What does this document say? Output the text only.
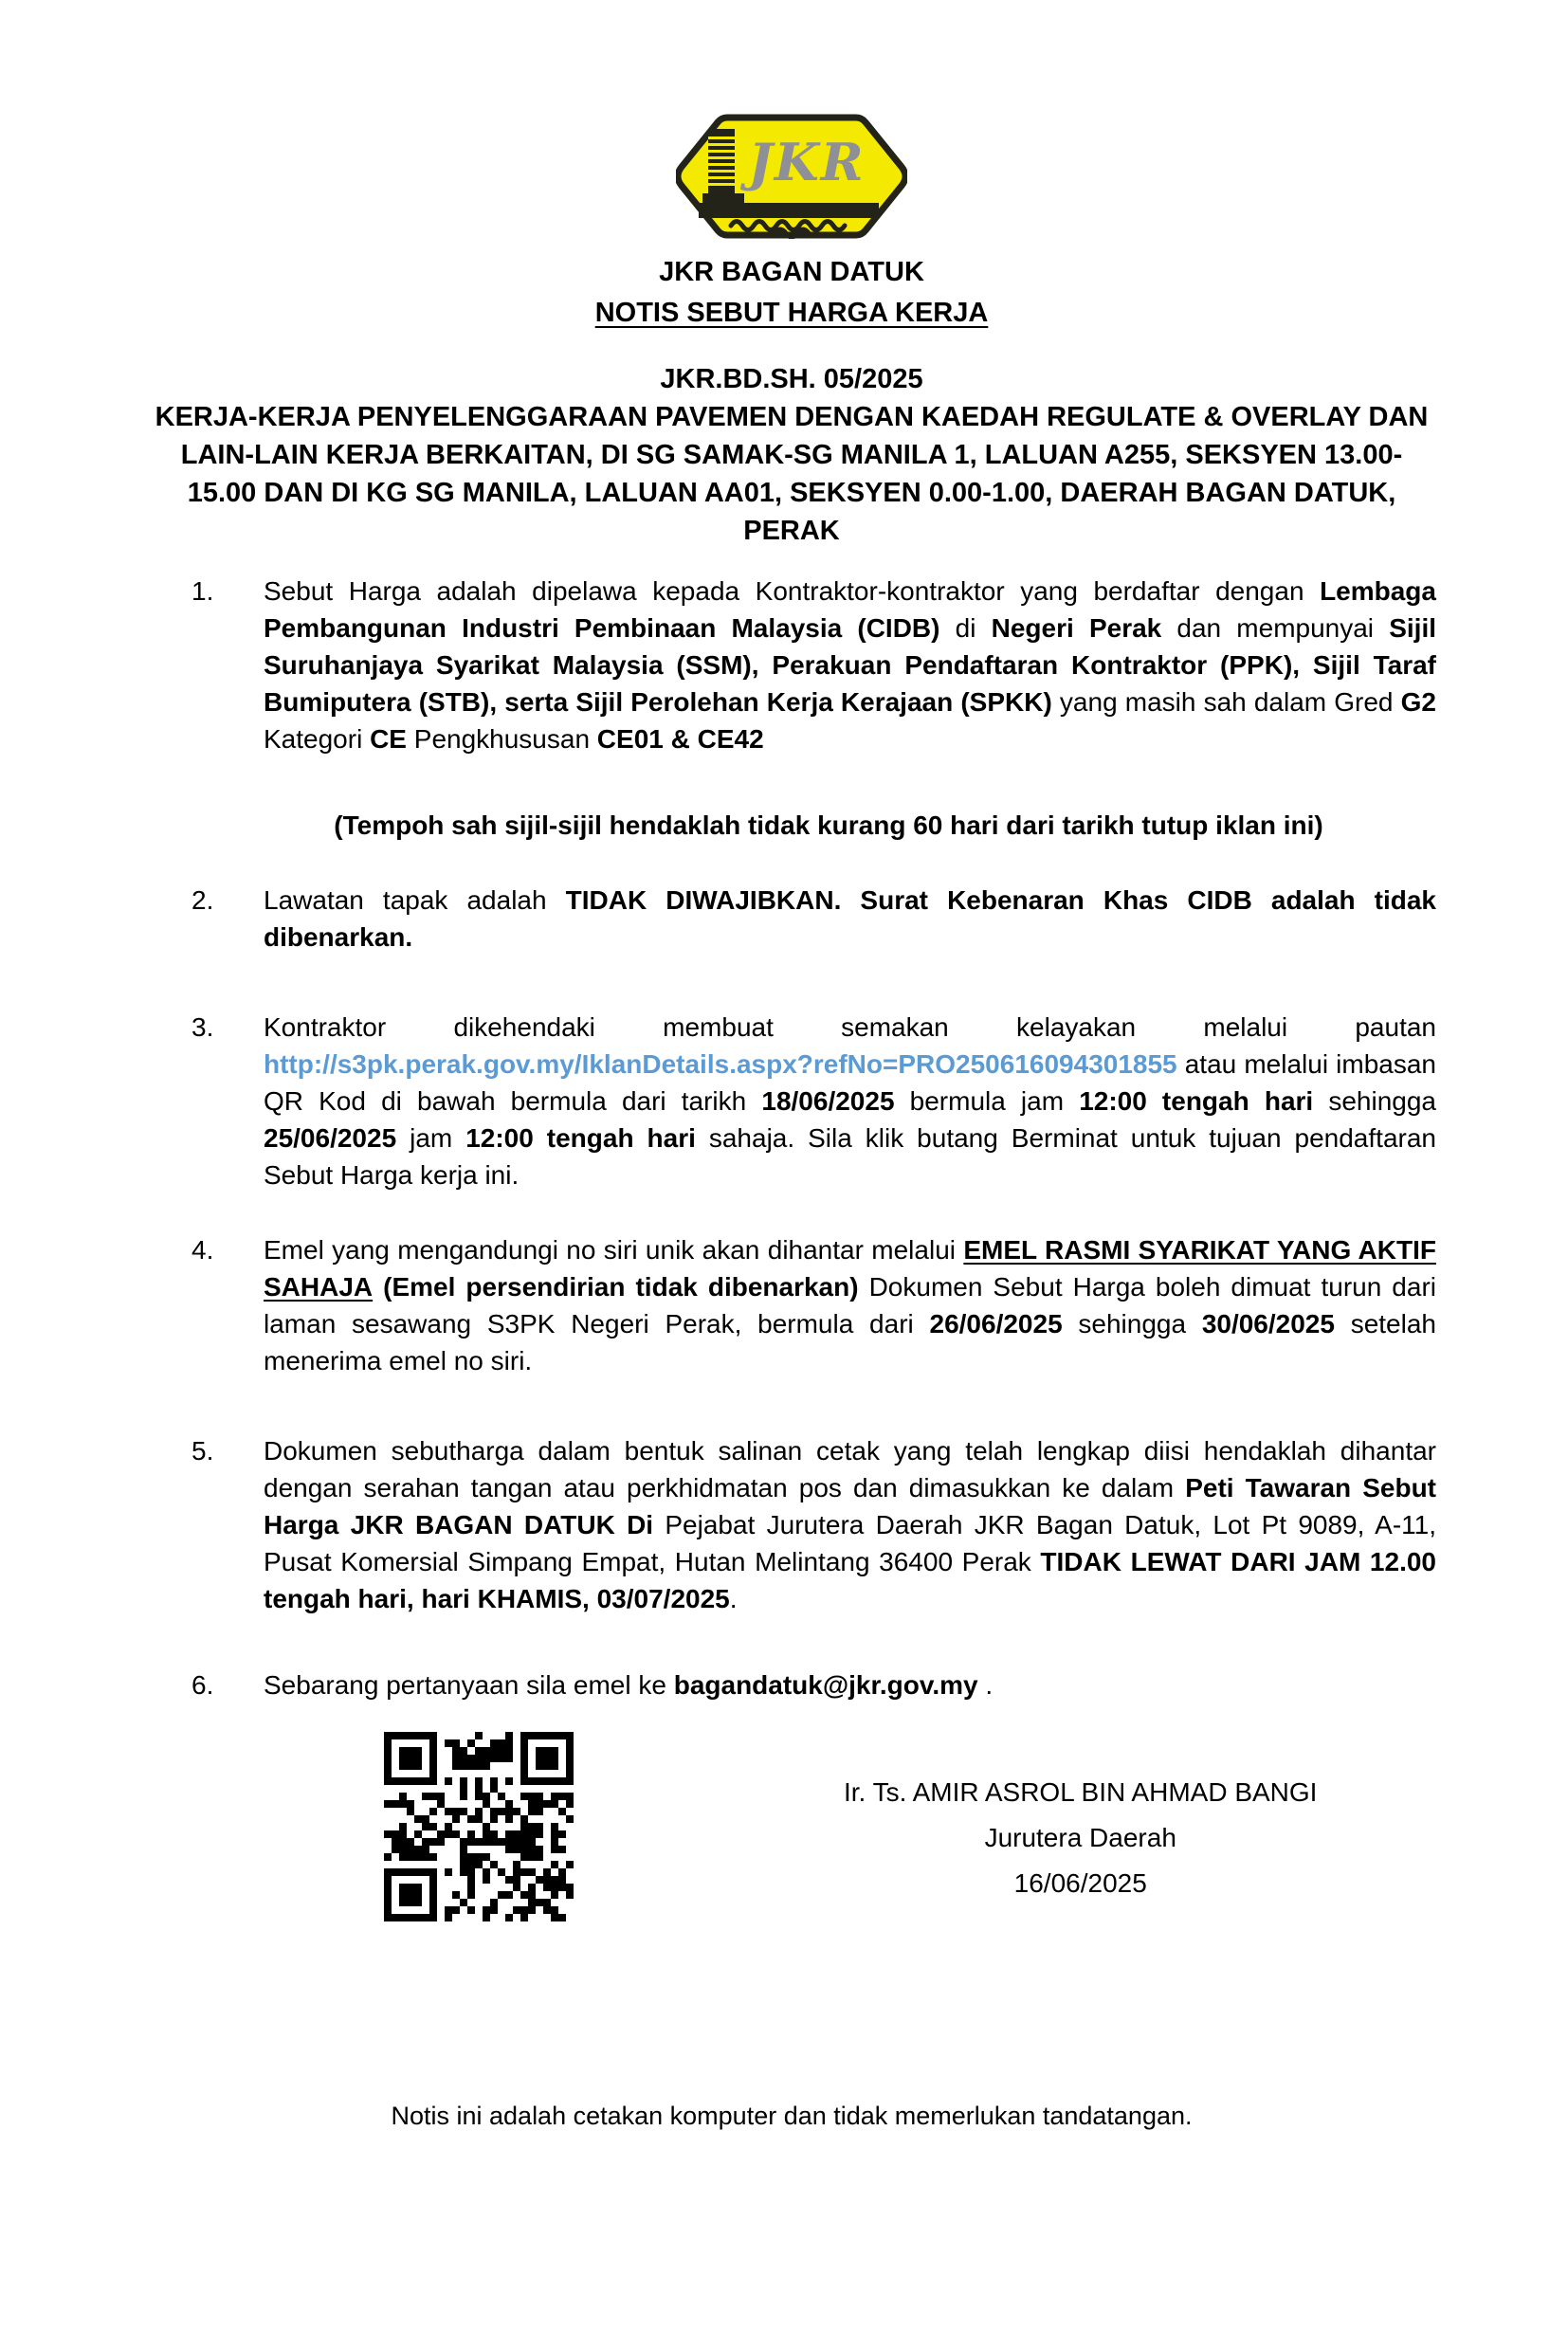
JKR
JKR BAGAN DATUK
NOTIS SEBUT HARGA KERJA
JKR.BD.SH. 05/2025
KERJA-KERJA PENYELENGGARAAN PAVEMEN DENGAN KAEDAH REGULATE & OVERLAY DAN LAIN-LAIN KERJA BERKAITAN, DI SG SAMAK-SG MANILA 1, LALUAN A255, SEKSYEN 13.00-15.00 DAN DI KG SG MANILA, LALUAN AA01, SEKSYEN 0.00-1.00, DAERAH BAGAN DATUK, PERAK
1.	Sebut Harga adalah dipelawa kepada Kontraktor-kontraktor yang berdaftar dengan Lembaga Pembangunan Industri Pembinaan Malaysia (CIDB) di Negeri Perak dan mempunyai Sijil Suruhanjaya Syarikat Malaysia (SSM), Perakuan Pendaftaran Kontraktor (PPK), Sijil Taraf Bumiputera (STB), serta Sijil Perolehan Kerja Kerajaan (SPKK) yang masih sah dalam Gred G2 Kategori CE Pengkhususan CE01 & CE42

(Tempoh sah sijil-sijil hendaklah tidak kurang 60 hari dari tarikh tutup iklan ini)
2.	Lawatan tapak adalah TIDAK DIWAJIBKAN. Surat Kebenaran Khas CIDB adalah tidak dibenarkan.

3.	Kontraktor dikehendaki membuat semakan kelayakan melalui pautan http://s3pk.perak.gov.my/IklanDetails.aspx?refNo=PRO250616094301855 atau melalui imbasan QR Kod di bawah bermula dari tarikh 18/06/2025 bermula jam 12:00 tengah hari sehingga 25/06/2025 jam 12:00 tengah hari sahaja. Sila klik butang Berminat untuk tujuan pendaftaran Sebut Harga kerja ini.

4.	Emel yang mengandungi no siri unik akan dihantar melalui EMEL RASMI SYARIKAT YANG AKTIF SAHAJA (Emel persendirian tidak dibenarkan) Dokumen Sebut Harga boleh dimuat turun dari laman sesawang S3PK Negeri Perak, bermula dari 26/06/2025 sehingga 30/06/2025 setelah menerima emel no siri.

5.	Dokumen sebutharga dalam bentuk salinan cetak yang telah lengkap diisi hendaklah dihantar dengan serahan tangan atau perkhidmatan pos dan dimasukkan ke dalam Peti Tawaran Sebut Harga JKR BAGAN DATUK Di Pejabat Jurutera Daerah JKR Bagan Datuk, Lot Pt 9089, A-11, Pusat Komersial Simpang Empat, Hutan Melintang 36400 Perak TIDAK LEWAT DARI JAM 12.00 tengah hari, hari KHAMIS, 03/07/2025.

6.	Sebarang pertanyaan sila emel ke bagandatuk@jkr.gov.my .

Ir. Ts. AMIR ASROL BIN AHMAD BANGI
Jurutera Daerah
16/06/2025
Notis ini adalah cetakan komputer dan tidak memerlukan tandatangan.
